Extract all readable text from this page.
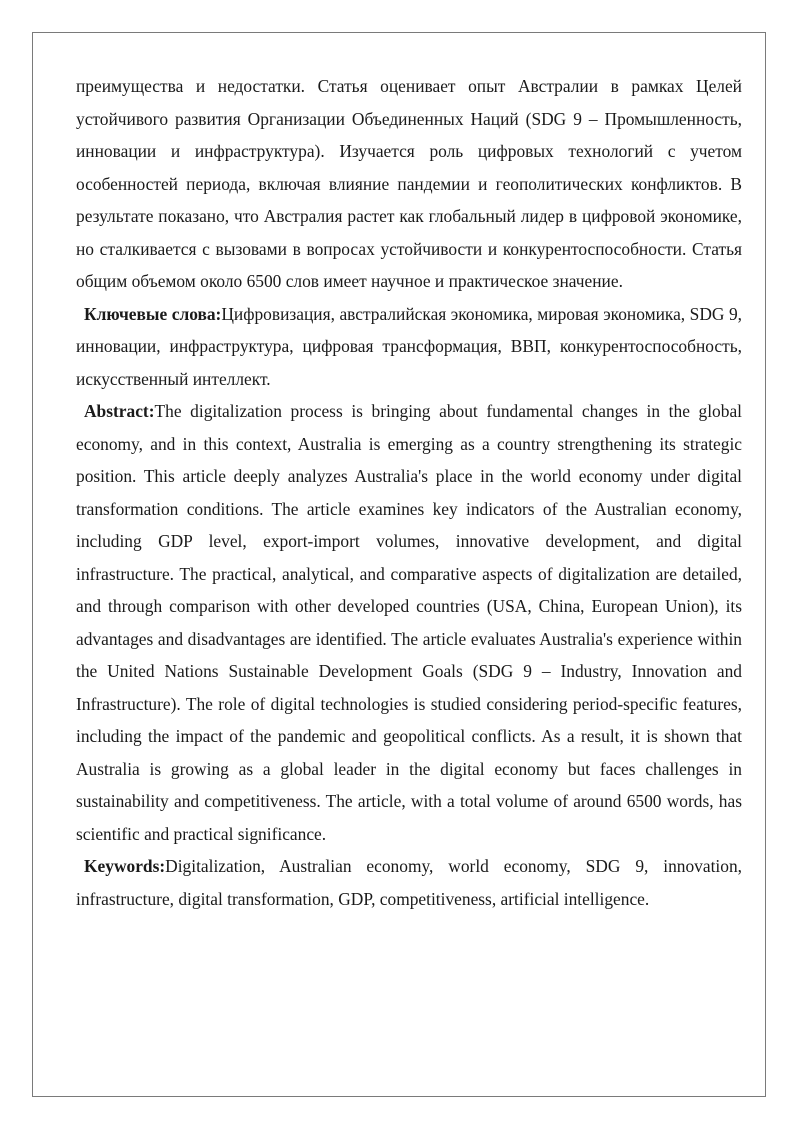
преимущества и недостатки. Статья оценивает опыт Австралии в рамках Целей устойчивого развития Организации Объединенных Наций (SDG 9 – Промышленность, инновации и инфраструктура). Изучается роль цифровых технологий с учетом особенностей периода, включая влияние пандемии и геополитических конфликтов. В результате показано, что Австралия растет как глобальный лидер в цифровой экономике, но сталкивается с вызовами в вопросах устойчивости и конкурентоспособности. Статья общим объемом около 6500 слов имеет научное и практическое значение.

Ключевые слова:Цифровизация, австралийская экономика, мировая экономика, SDG 9, инновации, инфраструктура, цифровая трансформация, ВВП, конкурентоспособность, искусственный интеллект.

Abstract:The digitalization process is bringing about fundamental changes in the global economy, and in this context, Australia is emerging as a country strengthening its strategic position. This article deeply analyzes Australia's place in the world economy under digital transformation conditions. The article examines key indicators of the Australian economy, including GDP level, export-import volumes, innovative development, and digital infrastructure. The practical, analytical, and comparative aspects of digitalization are detailed, and through comparison with other developed countries (USA, China, European Union), its advantages and disadvantages are identified. The article evaluates Australia's experience within the United Nations Sustainable Development Goals (SDG 9 – Industry, Innovation and Infrastructure). The role of digital technologies is studied considering period-specific features, including the impact of the pandemic and geopolitical conflicts. As a result, it is shown that Australia is growing as a global leader in the digital economy but faces challenges in sustainability and competitiveness. The article, with a total volume of around 6500 words, has scientific and practical significance.

Keywords:Digitalization, Australian economy, world economy, SDG 9, innovation, infrastructure, digital transformation, GDP, competitiveness, artificial intelligence.
